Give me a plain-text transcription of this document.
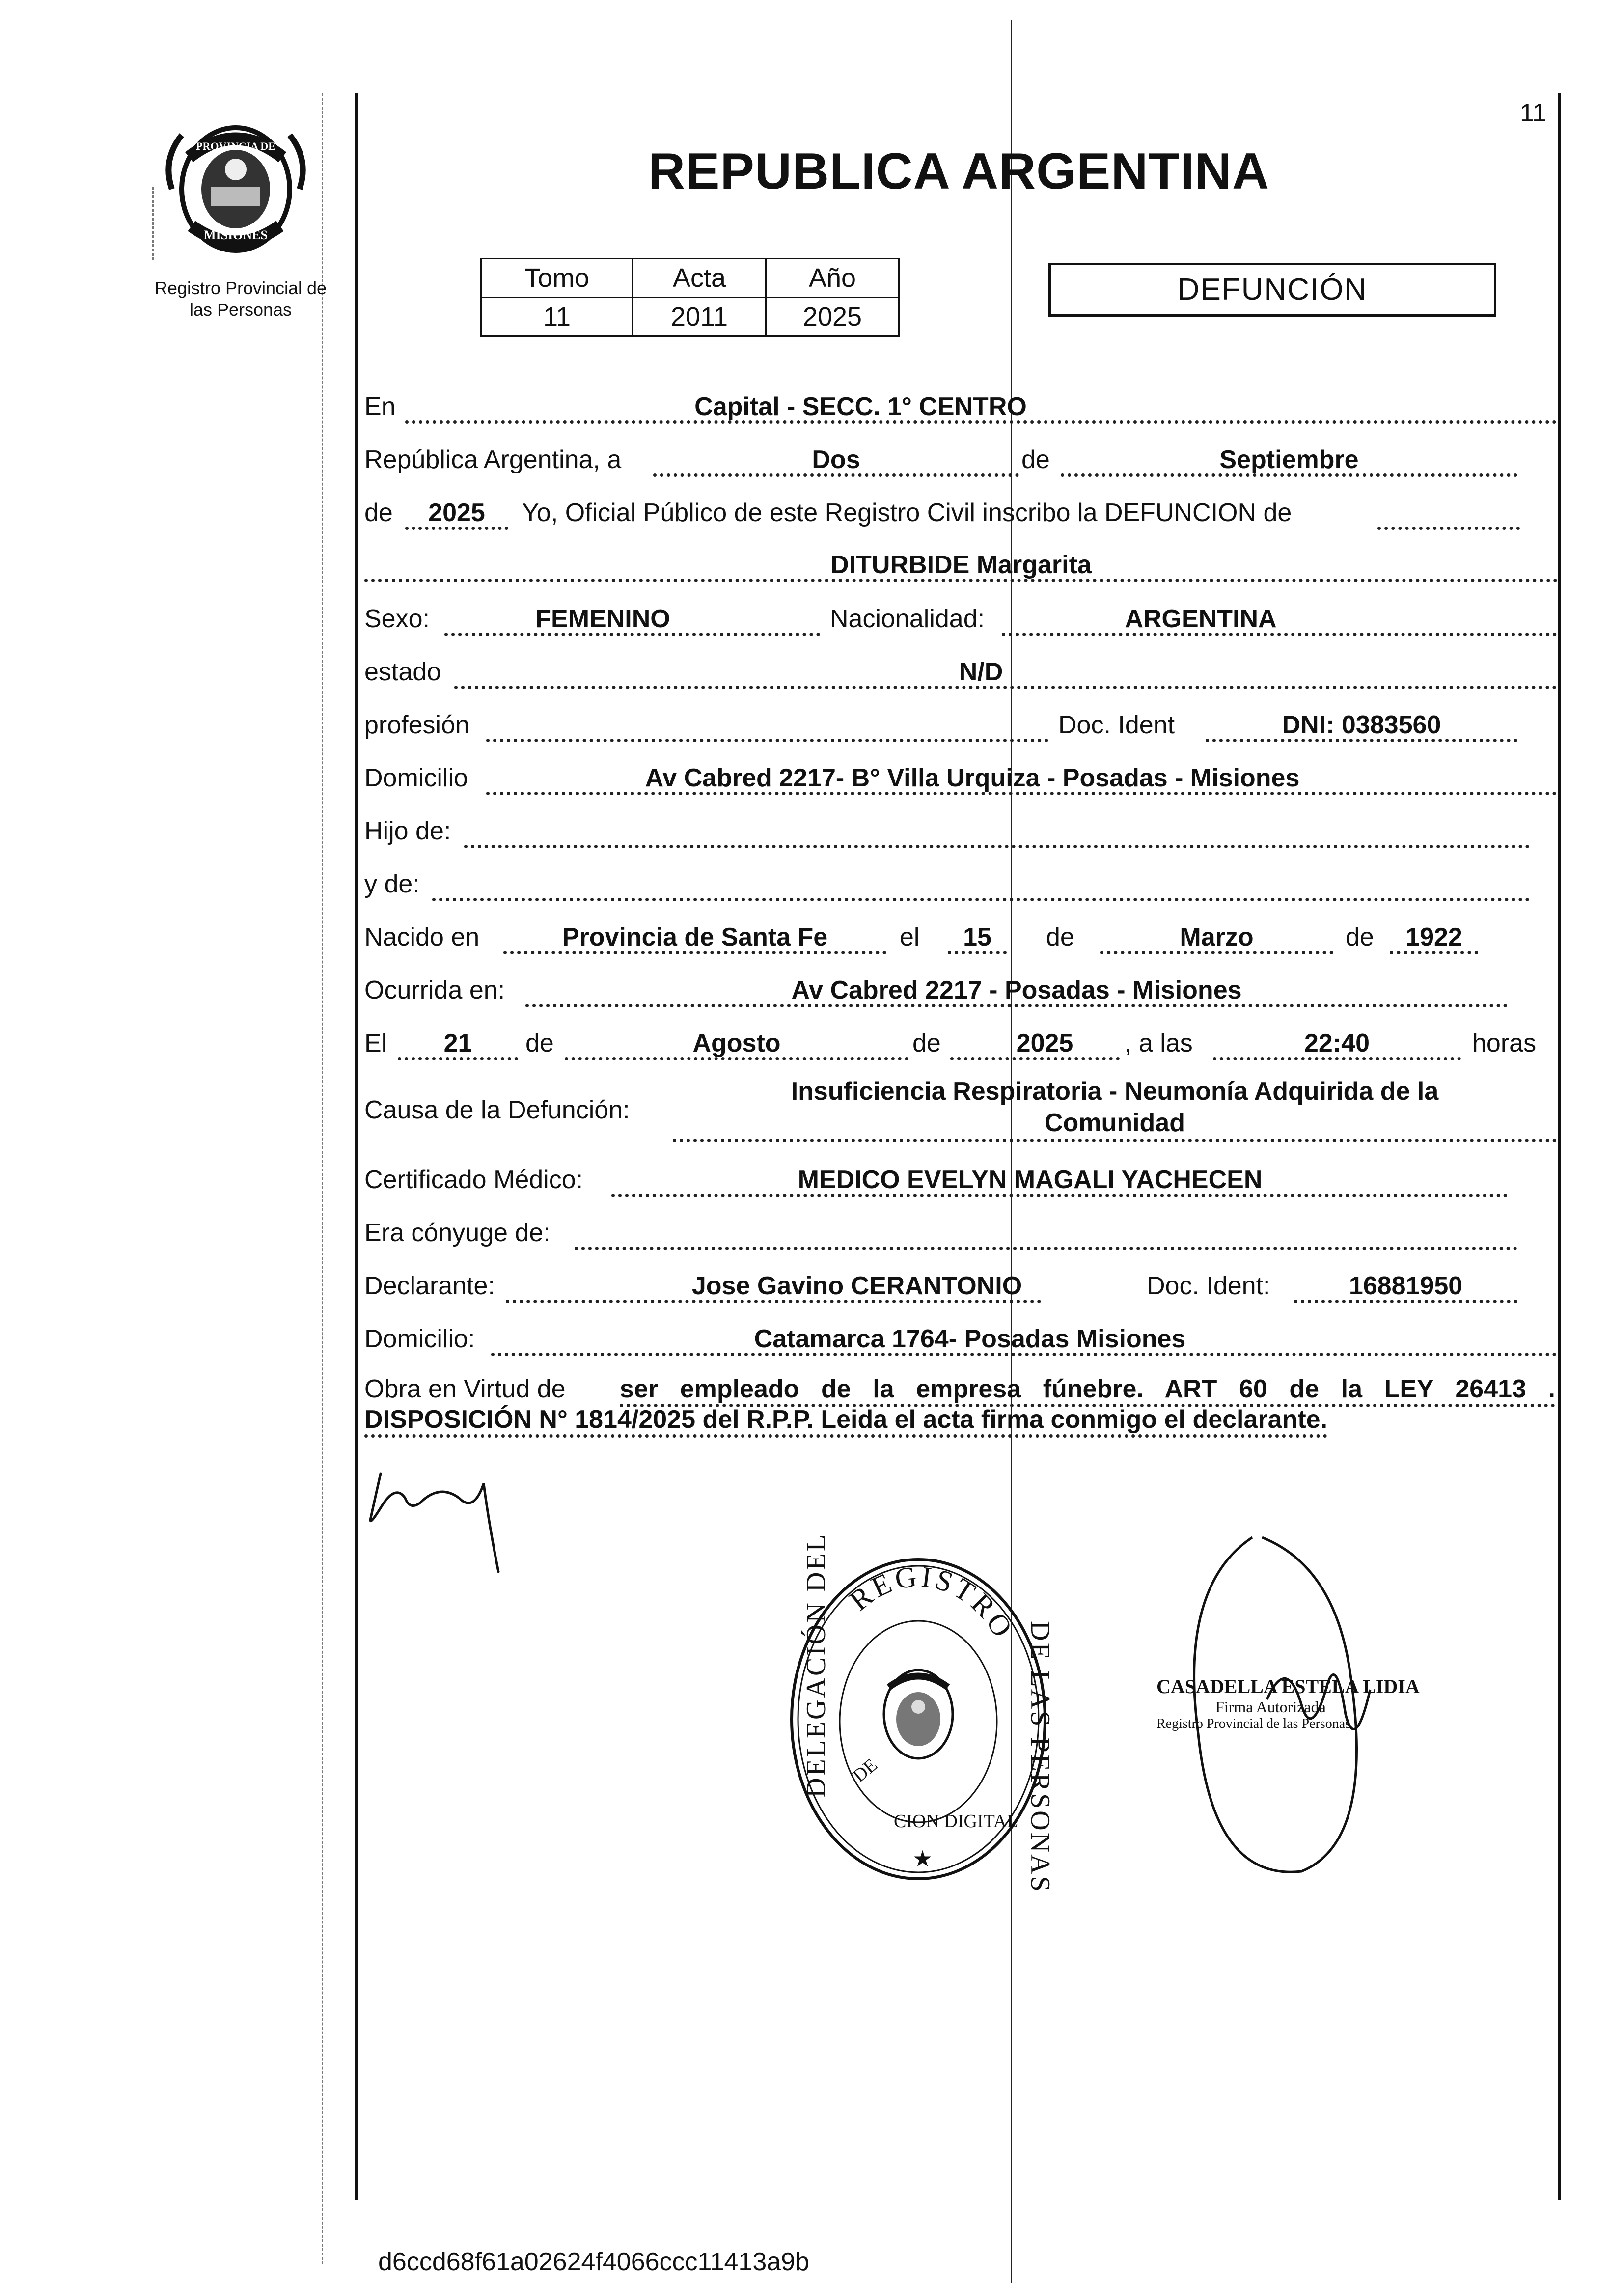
11
PROVINCIA DE
MISIONES
Registro Provincial de
las Personas
REPUBLICA ARGENTINA
Tomo	Acta	Año
11	2011	2025
DEFUNCIÓN
En	Capital - SECC. 1° CENTRO
República Argentina, a	Dos	de	Septiembre
de	2025	Yo, Oficial Público de este Registro Civil inscribo la DEFUNCION de
DITURBIDE Margarita
Sexo:	FEMENINO	Nacionalidad:	ARGENTINA
estado	N/D
profesión	Doc. Ident	DNI: 0383560
Domicilio	Av Cabred 2217- B° Villa Urquiza - Posadas - Misiones
Hijo de:
y de:
Nacido en	Provincia de Santa Fe	el	15	de	Marzo	de	1922
Ocurrida en:	Av Cabred 2217 - Posadas - Misiones
El	21	de	Agosto	de	2025	, a las	22:40	horas
Causa de la Defunción:
Insuficiencia Respiratoria - Neumonía Adquirida de la Comunidad
Certificado Médico:	MEDICO EVELYN MAGALI YACHECEN
Era cónyuge de:
Declarante:	Jose Gavino CERANTONIO	Doc. Ident:	16881950
Domicilio:	Catamarca 1764- Posadas Misiones
Obra en Virtud de ser empleado de la empresa fúnebre. ART 60 de la LEY 26413 .
DISPOSICIÓN N° 1814/2025 del R.P.P. Leida el acta firma conmigo el declarante.
REGISTRO
DELEGACIÓN DEL	DE LAS PERSONAS
DE
CION DIGITAL
★
CASADELLA ESTELA LIDIA
Firma Autorizada
Registro Provincial de las Personas
d6ccd68f61a02624f4066ccc11413a9b
